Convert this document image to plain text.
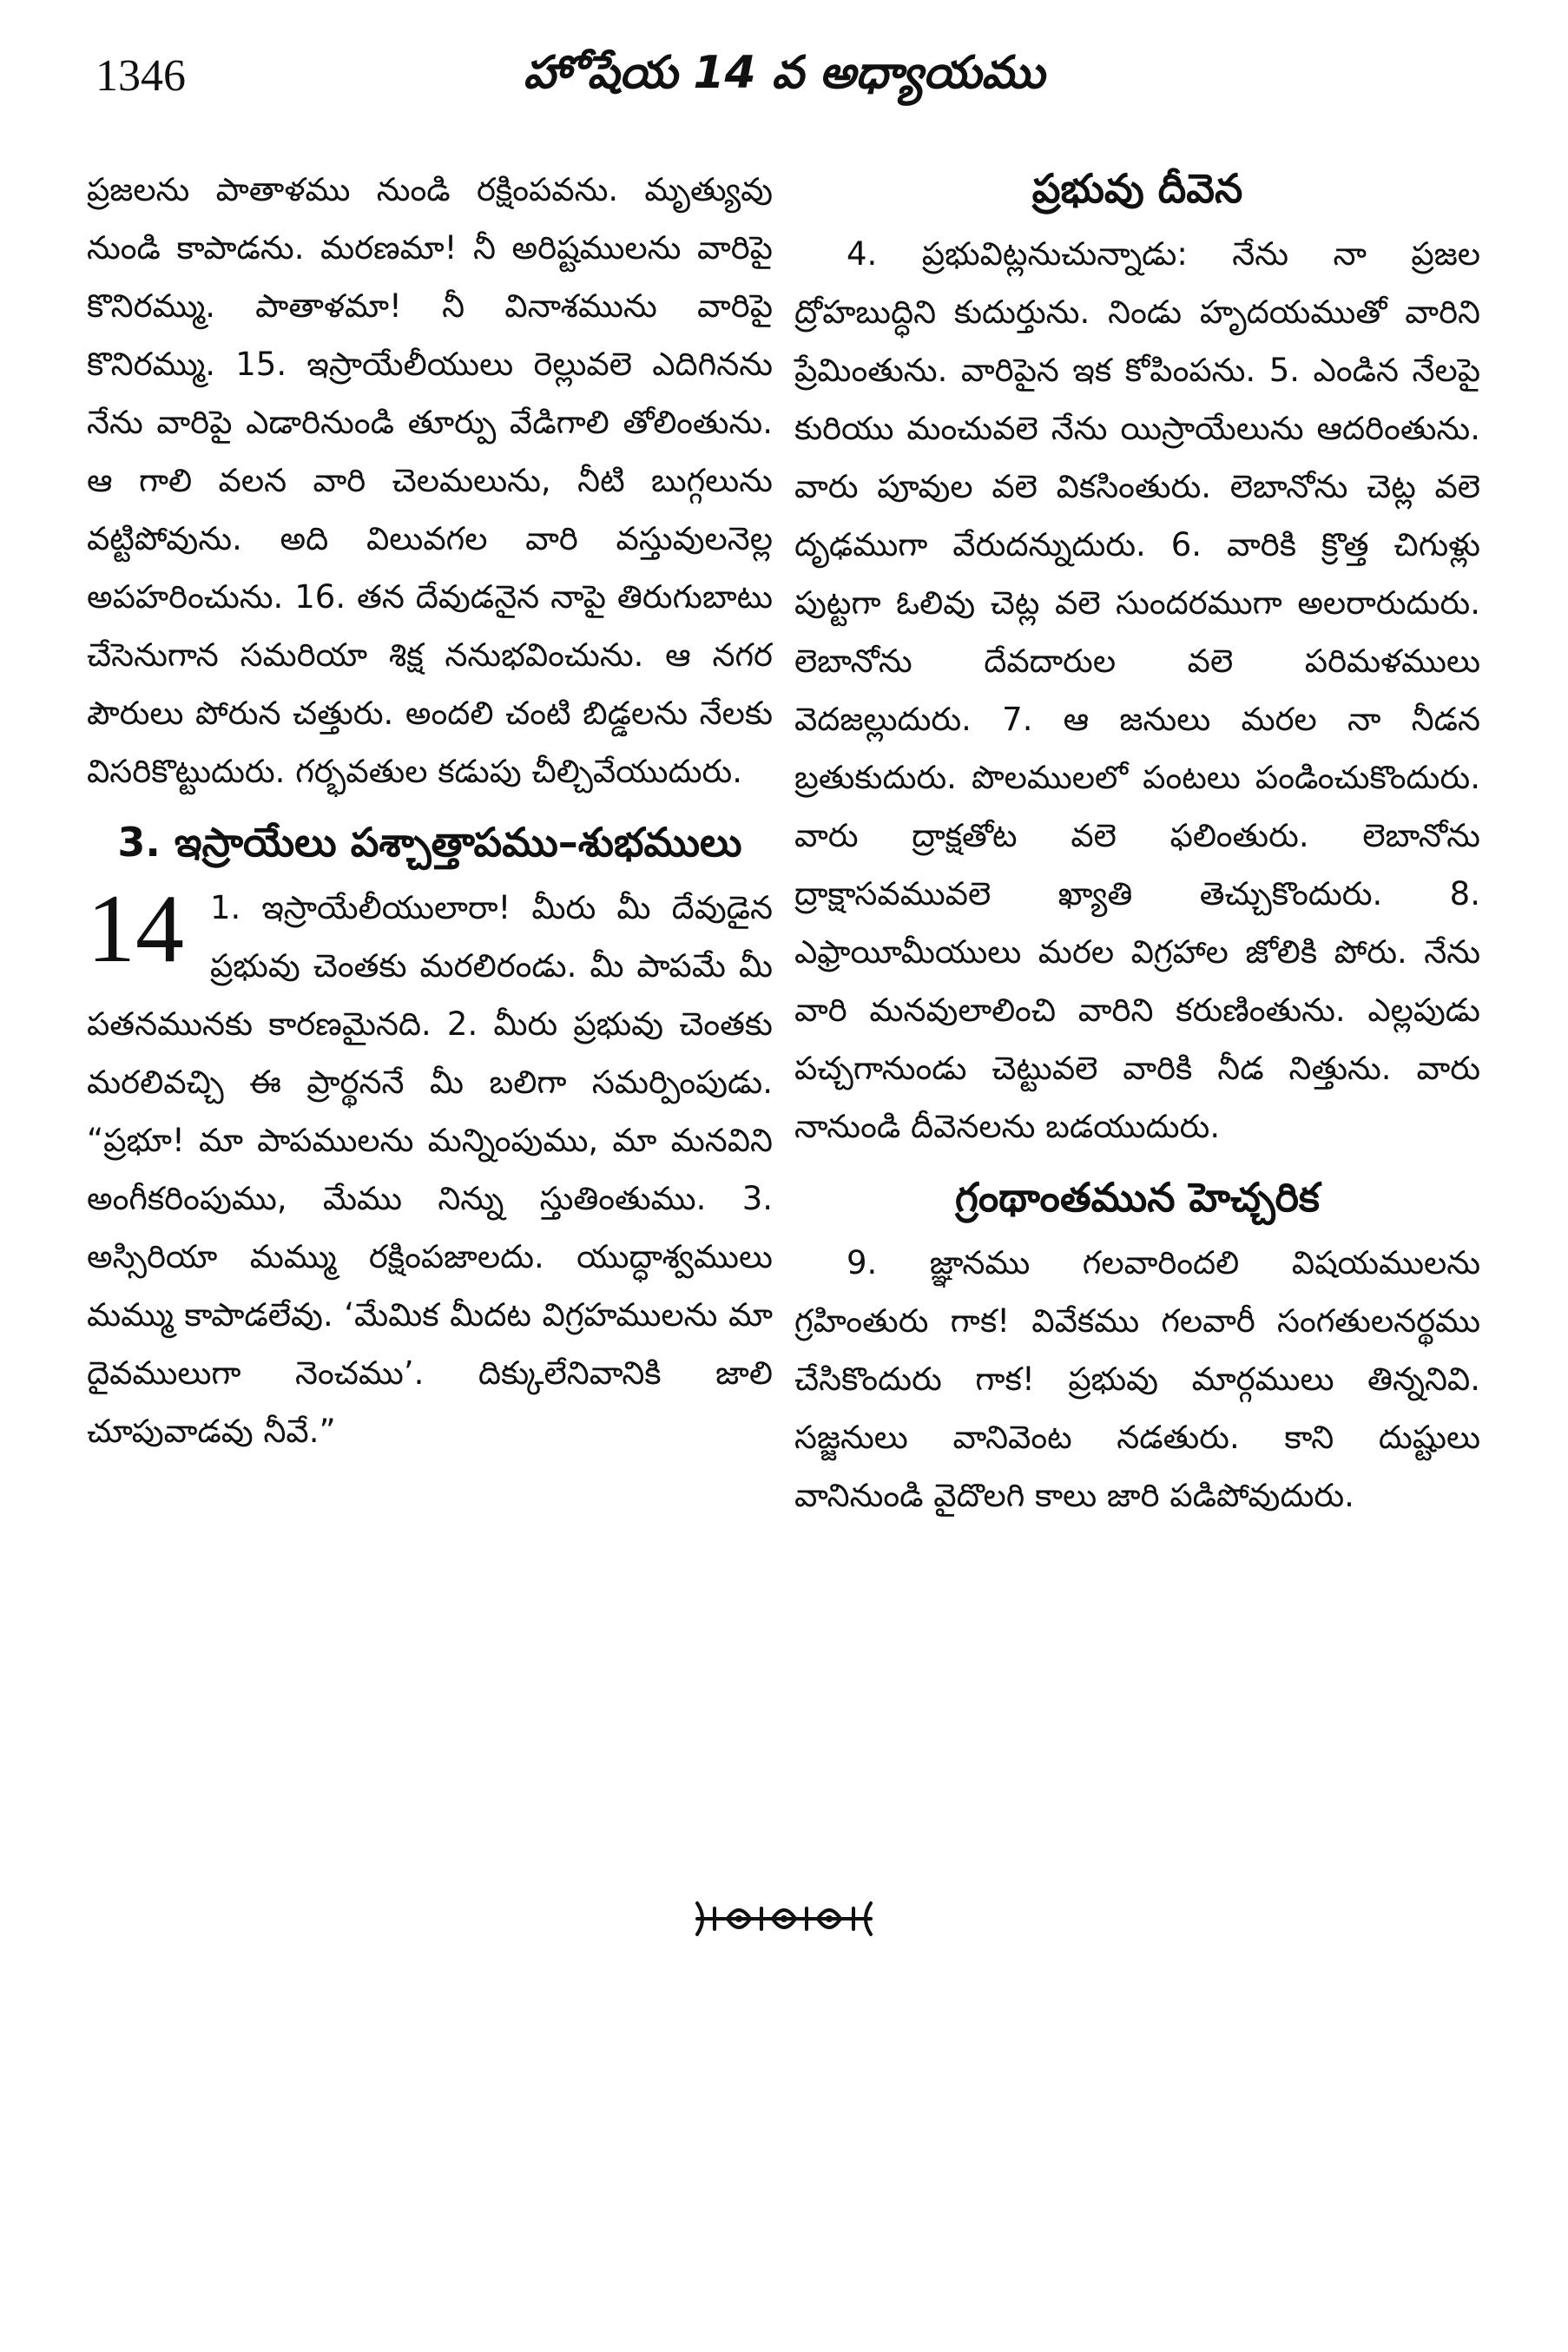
1346	హోషేయ 14 వ అధ్యాయము

ప్రజలను పాతాళము నుండి రక్షింపవను. మృత్యువు నుండి కాపాడను. మరణమా! నీ అరిష్టములను వారిపై కొనిరమ్ము. పాతాళమా! నీ వినాశమును వారిపై కొనిరమ్ము. 15. ఇస్రాయేలీయులు రెల్లువలె ఎదిగినను నేను వారిపై ఎడారినుండి తూర్పు వేడిగాలి తోలింతును. ఆ గాలి వలన వారి చెలమలును, నీటి బుగ్గలును వట్టిపోవును. అది విలువగల వారి వస్తువులనెల్ల అపహరించును. 16. తన దేవుడనైన నాపై తిరుగుబాటు చేసెనుగాన సమరియా శిక్ష ననుభవించును. ఆ నగర పౌరులు పోరున చత్తురు. అందలి చంటి బిడ్డలను నేలకు విసరికొట్టుదురు. గర్భవతుల కడుపు చీల్చివేయుదురు.

3. ఇస్రాయేలు పశ్చాత్తాపము–శుభములు
14 1. ఇస్రాయేలీయులారా! మీరు మీ దేవుడైన ప్రభువు చెంతకు మరలిరండు. మీ పాపమే మీ పతనమునకు కారణమైనది. 2. మీరు ప్రభువు చెంతకు మరలివచ్చి ఈ ప్రార్థననే మీ బలిగా సమర్పింపుడు. “ప్రభూ! మా పాపములను మన్నింపుము, మా మనవిని అంగీకరింపుము, మేము నిన్ను స్తుతింతుము. 3. అస్సిరియా మమ్ము రక్షింపజాలదు. యుద్ధాశ్వములు మమ్ము కాపాడలేవు. ‘మేమిక మీదట విగ్రహములను మా దైవములుగా నెంచము’. దిక్కులేనివానికి జాలి చూపువాడవు నీవే.”

ప్రభువు దీవెన

4. ప్రభువిట్లనుచున్నాడు: నేను నా ప్రజల ద్రోహబుద్ధిని కుదుర్తును. నిండు హృదయముతో వారిని ప్రేమింతును. వారిపైన ఇక కోపింపను. 5. ఎండిన నేలపై కురియు మంచువలె నేను యిస్రాయేలును ఆదరింతును. వారు పూవుల వలె వికసింతురు. లెబానోను చెట్ల వలె దృఢముగా వేరుదన్నుదురు. 6. వారికి క్రొత్త చిగుళ్లు పుట్టగా ఓలివు చెట్ల వలె సుందరముగా అలరారుదురు. లెబానోను దేవదారుల వలె పరిమళములు వెదజల్లుదురు. 7. ఆ జనులు మరల నా నీడన బ్రతుకుదురు. పొలములలో పంటలు పండించుకొందురు. వారు ద్రాక్షతోట వలె ఫలింతురు. లెబానోను ద్రాక్షాసవమువలె ఖ్యాతి తెచ్చుకొందురు. 8. ఎఫ్రాయీమీయులు మరల విగ్రహాల జోలికి పోరు. నేను వారి మనవులాలించి వారిని కరుణింతును. ఎల్లపుడు పచ్చగానుండు చెట్టువలె వారికి నీడ నిత్తును. వారు నానుండి దీవెనలను బడయుదురు.

గ్రంథాంతమున హెచ్చరిక

9. జ్ఞానము గలవారిందలి విషయములను గ్రహింతురు గాక! వివేకము గలవారీ సంగతులనర్థము చేసికొందురు గాక! ప్రభువు మార్గములు తిన్ననివి. సజ్జనులు వానివెంట నడతురు. కాని దుష్టులు వానినుండి వైదొలగి కాలు జారి పడిపోవుదురు.
